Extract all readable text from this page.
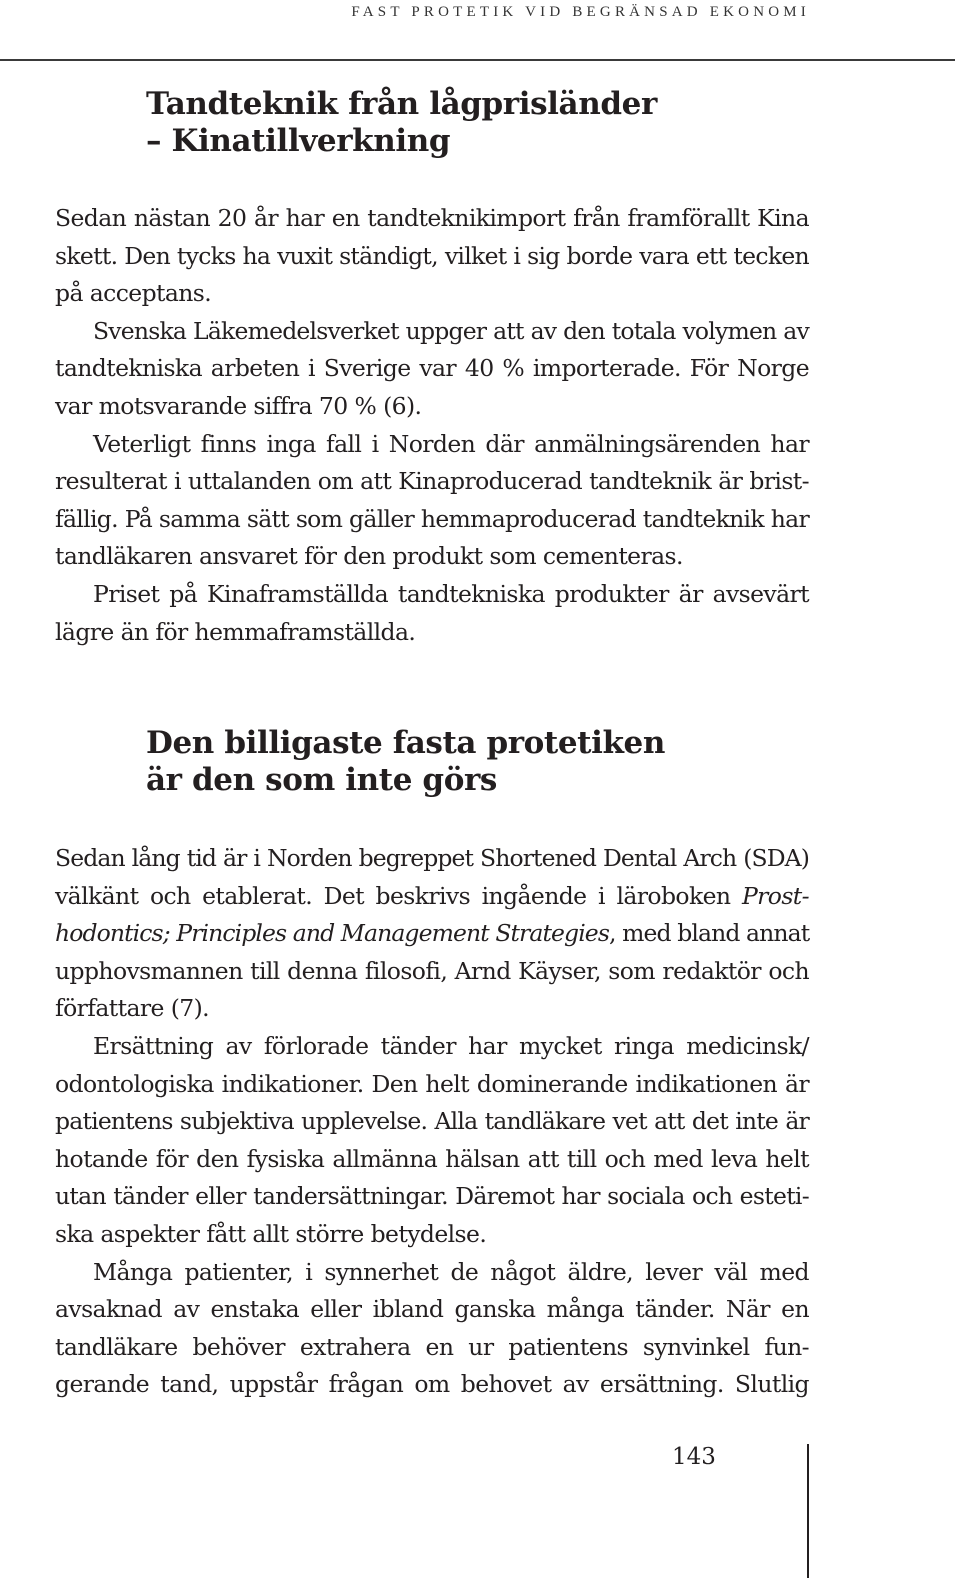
FAST PROTETIK VID BEGRÄNSAD EKONOMI
Tandteknik från lågprisländer
– Kinatillverkning
Sedan nästan 20 år har en tandteknikimport från framförallt Kina
skett. Den tycks ha vuxit ständigt, vilket i sig borde vara ett tecken
på acceptans.
Svenska Läkemedelsverket uppger att av den totala volymen av
tandtekniska arbeten i Sverige var 40 % importerade. För Norge
var motsvarande siffra 70 % (6).
Veterligt finns inga fall i Norden där anmälningsärenden har
resulterat i uttalanden om att Kinaproducerad tandteknik är brist-
fällig. På samma sätt som gäller hemmaproducerad tandteknik har
tandläkaren ansvaret för den produkt som cementeras.
Priset på Kinaframställda tandtekniska produkter är avsevärt
lägre än för hemmaframställda.
Den billigaste fasta protetiken
är den som inte görs
Sedan lång tid är i Norden begreppet Shortened Dental Arch (SDA)
välkänt och etablerat. Det beskrivs ingående i läroboken Prost-
hodontics; Principles and Management Strategies, med bland annat
upphovsmannen till denna filosofi, Arnd Käyser, som redaktör och
författare (7).
Ersättning av förlorade tänder har mycket ringa medicinsk/
odontologiska indikationer. Den helt dominerande indikationen är
patientens subjektiva upplevelse. Alla tandläkare vet att det inte är
hotande för den fysiska allmänna hälsan att till och med leva helt
utan tänder eller tandersättningar. Däremot har sociala och esteti-
ska aspekter fått allt större betydelse.
Många patienter, i synnerhet de något äldre, lever väl med
avsaknad av enstaka eller ibland ganska många tänder. När en
tandläkare behöver extrahera en ur patientens synvinkel fun-
gerande tand, uppstår frågan om behovet av ersättning. Slutlig
143
